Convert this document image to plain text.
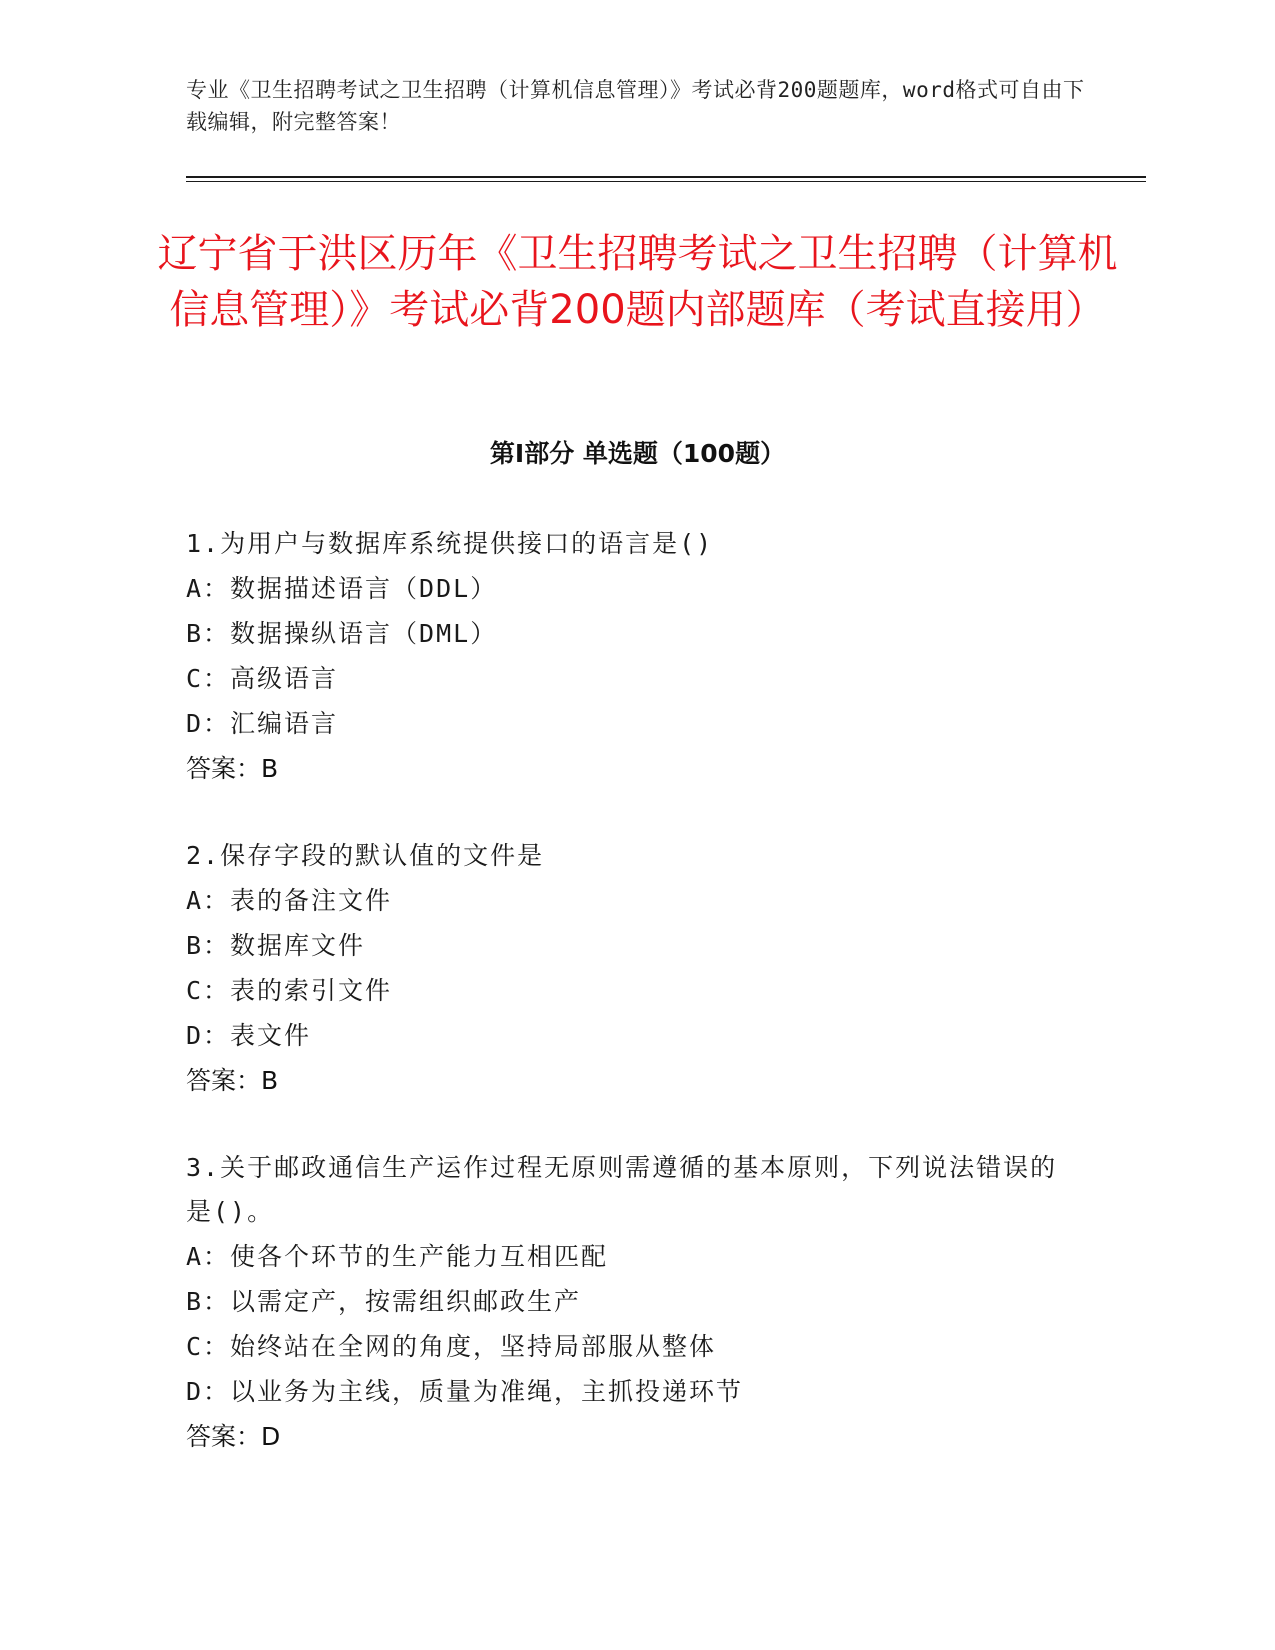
专业《卫生招聘考试之卫生招聘（计算机信息管理）》考试必背200题题库，word格式可自由下载编辑，附完整答案！
辽宁省于洪区历年《卫生招聘考试之卫生招聘（计算机信息管理）》考试必背200题内部题库（考试直接用）
第Ⅰ部分 单选题（100题）
1.为用户与数据库系统提供接口的语言是()
A：数据描述语言（DDL）
B：数据操纵语言（DML）
C：高级语言
D：汇编语言
答案：B
2.保存字段的默认值的文件是
A：表的备注文件
B：数据库文件
C：表的索引文件
D：表文件
答案：B
3.关于邮政通信生产运作过程无原则需遵循的基本原则，下列说法错误的是()。
A：使各个环节的生产能力互相匹配
B：以需定产，按需组织邮政生产
C：始终站在全网的角度，坚持局部服从整体
D：以业务为主线，质量为准绳，主抓投递环节
答案：D
